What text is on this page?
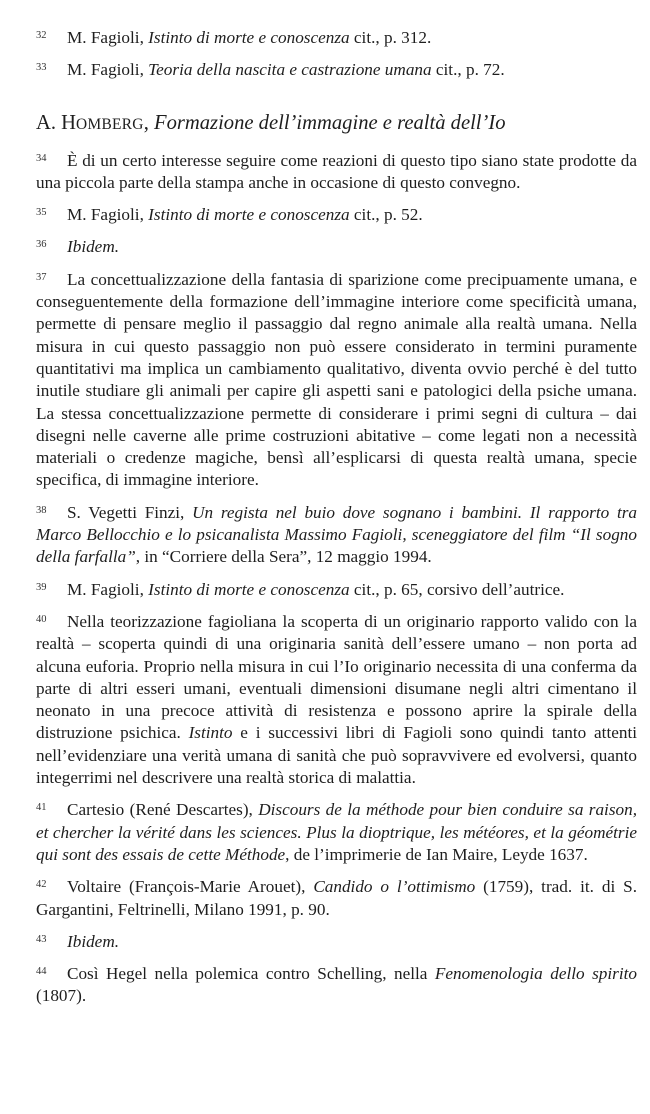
32 M. Fagioli, Istinto di morte e conoscenza cit., p. 312.

33 M. Fagioli, Teoria della nascita e castrazione umana cit., p. 72.

A. HOMBERG, Formazione dell’immagine e realtà dell’Io

34 È di un certo interesse seguire come reazioni di questo tipo siano state prodotte da una piccola parte della stampa anche in occasione di questo convegno.

35 M. Fagioli, Istinto di morte e conoscenza cit., p. 52.

36 Ibidem.

37 La concettualizzazione della fantasia di sparizione come precipuamente umana, e conseguentemente della formazione dell’immagine interiore come specificità umana, permette di pensare meglio il passaggio dal regno animale alla realtà umana. Nella misura in cui questo passaggio non può essere considerato in termini puramente quantitativi ma implica un cambiamento qualitativo, diventa ovvio perché è del tutto inutile studiare gli animali per capire gli aspetti sani e patologici della psiche umana. La stessa concettualizzazione permette di considerare i primi segni di cultura – dai disegni nelle caverne alle prime costruzioni abitative – come legati non a necessità materiali o credenze magiche, bensì all’esplicarsi di questa realtà umana, specie specifica, di immagine interiore.

38 S. Vegetti Finzi, Un regista nel buio dove sognano i bambini. Il rapporto tra Marco Bellocchio e lo psicanalista Massimo Fagioli, sceneggiatore del film “Il sogno della farfalla”, in “Corriere della Sera”, 12 maggio 1994.

39 M. Fagioli, Istinto di morte e conoscenza cit., p. 65, corsivo dell’autrice.

40 Nella teorizzazione fagioliana la scoperta di un originario rapporto valido con la realtà – scoperta quindi di una originaria sanità dell’essere umano – non porta ad alcuna euforia. Proprio nella misura in cui l’Io originario necessita di una conferma da parte di altri esseri umani, eventuali dimensioni disumane negli altri cimentano il neonato in una precoce attività di resistenza e possono aprire la spirale della distruzione psichica. Istinto e i successivi libri di Fagioli sono quindi tanto attenti nell’evidenziare una verità umana di sanità che può sopravvivere ed evolversi, quanto integerrimi nel descrivere una realtà storica di malattia.

41 Cartesio (René Descartes), Discours de la méthode pour bien conduire sa raison, et chercher la vérité dans les sciences. Plus la dioptrique, les météores, et la géométrie qui sont des essais de cette Méthode, de l’imprimerie de Ian Maire, Leyde 1637.

42 Voltaire (François-Marie Arouet), Candido o l’ottimismo (1759), trad. it. di S. Gargantini, Feltrinelli, Milano 1991, p. 90.

43 Ibidem.

44 Così Hegel nella polemica contro Schelling, nella Fenomenologia dello spirito (1807).
